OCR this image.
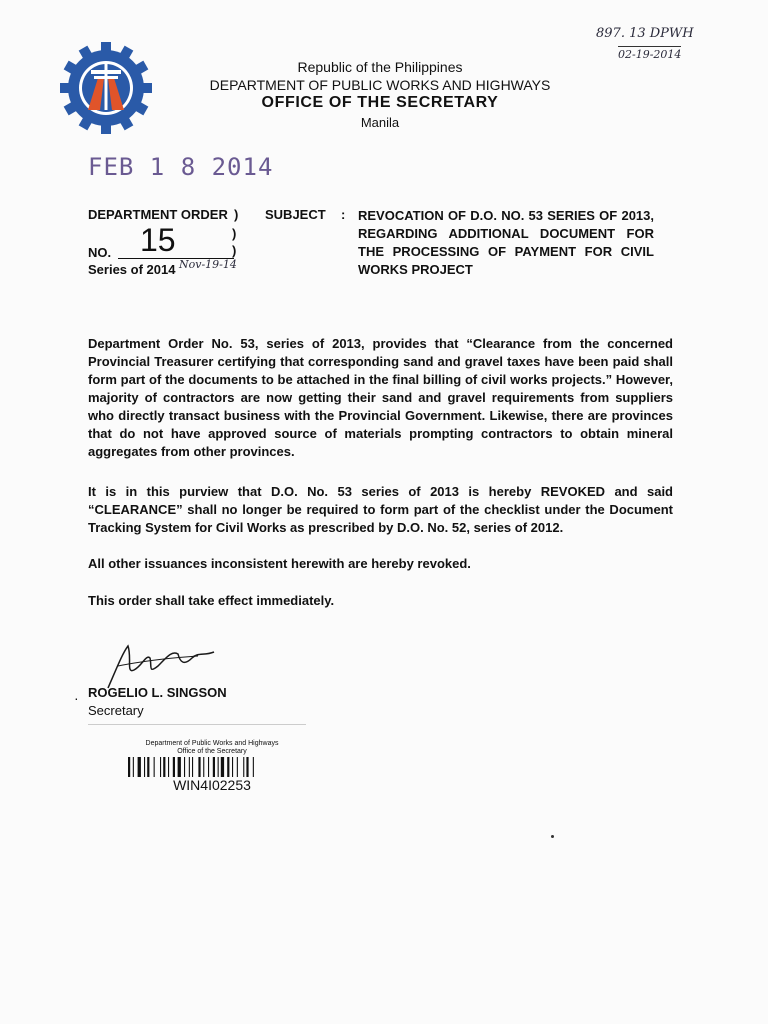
897. 13 DPWH
02-19-2014
Republic of the Philippines
DEPARTMENT OF PUBLIC WORKS AND HIGHWAYS
OFFICE OF THE SECRETARY
Manila
FEB 1 8 2014
DEPARTMENT ORDER )
NO. 15	)
)
Series of 2014 Nov-19-14
SUBJECT : REVOCATION OF D.O. NO. 53 SERIES OF 2013, REGARDING ADDITIONAL DOCUMENT FOR THE PROCESSING OF PAYMENT FOR CIVIL WORKS PROJECT
Department Order No. 53, series of 2013, provides that “Clearance from the concerned Provincial Treasurer certifying that corresponding sand and gravel taxes have been paid shall form part of the documents to be attached in the final billing of civil works projects.” However, majority of contractors are now getting their sand and gravel requirements from suppliers who directly transact business with the Provincial Government. Likewise, there are provinces that do not have approved source of materials prompting contractors to obtain mineral aggregates from other provinces.
It is in this purview that D.O. No. 53 series of 2013 is hereby REVOKED and said “CLEARANCE” shall no longer be required to form part of the checklist under the Document Tracking System for Civil Works as prescribed by D.O. No. 52, series of 2012.
All other issuances inconsistent herewith are hereby revoked.
This order shall take effect immediately.
· ROGELIO L. SINGSON
Secretary
Department of Public Works and Highways
Office of the Secretary
WIN4I02253
